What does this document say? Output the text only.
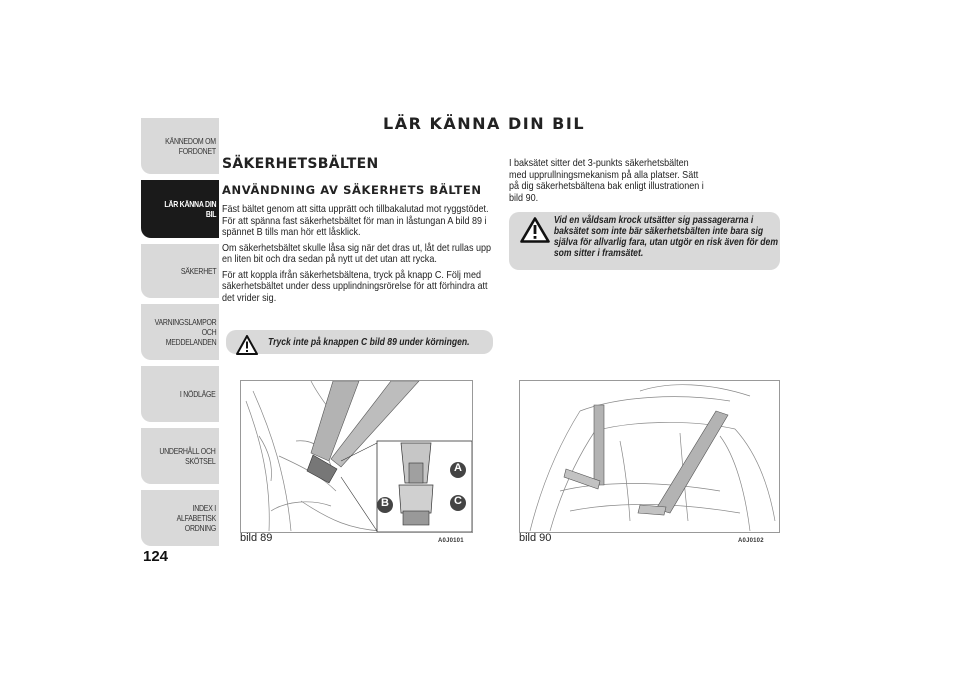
KÄNNEDOM OM
FORDONET
LÄR KÄNNA DIN
BIL
SÄKERHET
VARNINGSLAMPOR
OCH MEDDELANDEN
I NÖDLÄGE
UNDERHÅLL OCH
SKÖTSEL
INDEX I ALFABETISK
ORDNING
124
LÄR KÄNNA DIN BIL
SÄKERHETSBÄLTEN
ANVÄNDNING AV SÄKERHETS BÄLTEN

Fäst bältet genom att sitta upprätt och tillbakalutad mot ryggstödet. För att spänna fast säkerhetsbältet för man in låstungan A bild 89 i spännet B tills man hör ett låsklick.

Om säkerhetsbältet skulle låsa sig när det dras ut, låt det rullas upp en liten bit och dra sedan på nytt ut det utan att rycka.

För att koppla ifrån säkerhetsbältena, tryck på knapp C. Följ med säkerhetsbältet under dess upplindningsrörelse för att förhindra att det vrider sig.

Tryck inte på knappen C bild 89 under körningen.

I baksätet sitter det 3-punkts säkerhetsbälten med upprullningsmekanism på alla platser. Sätt på dig säkerhetsbältena bak enligt illustrationen i bild 90.

Vid en våldsam krock utsätter sig passagerarna i baksätet som inte bär säkerhetsbälten inte bara sig själva för allvarlig fara, utan utgör en risk även för dem som sitter i framsätet.
A
B	C
bild 89	A0J0101	bild 90	A0J0102
